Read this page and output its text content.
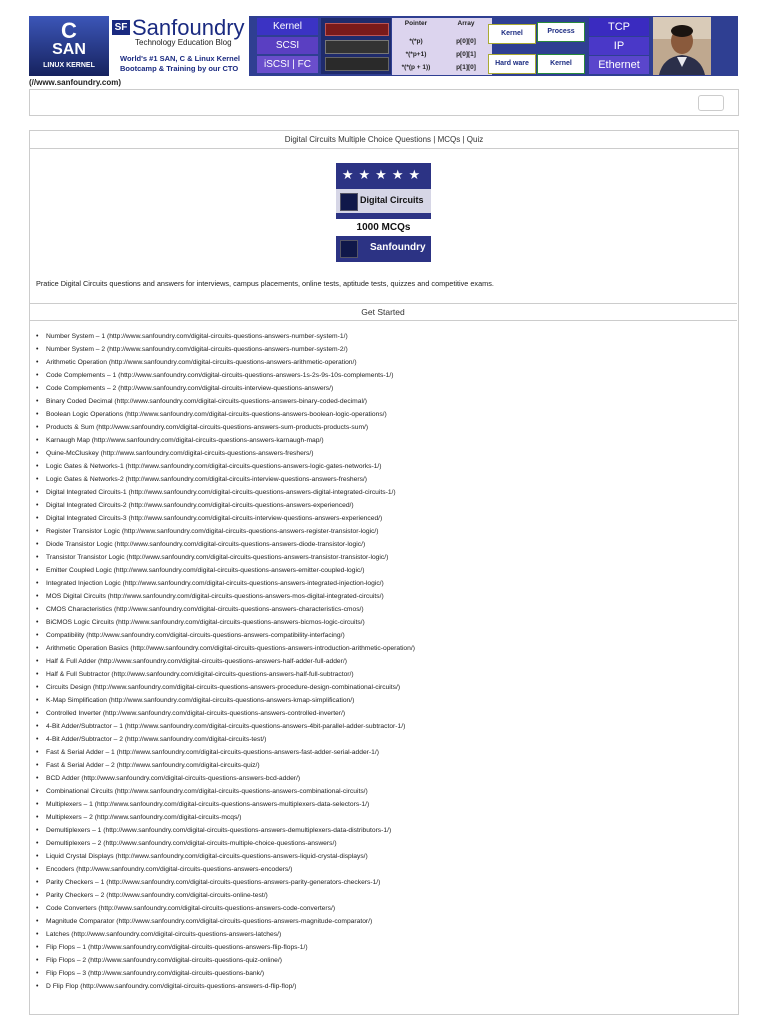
C
SAN
LINUX KERNEL
SF Sanfoundry
Technology Education Blog
World's #1 SAN, C & Linux Kernel
Bootcamp & Training by our CTO
Kernel
SCSI
iSCSI | FC
Pointer	Array
*(*p)	p[0][0]
*(*p+1)	p[0][1]
*(*(p + 1))	p[1][0]
Kernel	Process
Hard ware	Kernel
TCP
IP
Ethernet
(//www.sanfoundry.com)
Digital Circuits Multiple Choice Questions | MCQs | Quiz
★★★★★
Digital Circuits
1000 MCQs
Sanfoundry
Pratice Digital Circuits questions and answers for interviews, campus placements, online tests, aptitude tests, quizzes and competitive exams.
Get Started
• Number System – 1 (http://www.sanfoundry.com/digital-circuits-questions-answers-number-system-1/)
• Number System – 2 (http://www.sanfoundry.com/digital-circuits-questions-answers-number-system-2/)
• Arithmetic Operation (http://www.sanfoundry.com/digital-circuits-questions-answers-arithmetic-operation/)
• Code Complements – 1 (http://www.sanfoundry.com/digital-circuits-questions-answers-1s-2s-9s-10s-complements-1/)
• Code Complements – 2 (http://www.sanfoundry.com/digital-circuits-interview-questions-answers/)
• Binary Coded Decimal (http://www.sanfoundry.com/digital-circuits-questions-answers-binary-coded-decimal/)
• Boolean Logic Operations (http://www.sanfoundry.com/digital-circuits-questions-answers-boolean-logic-operations/)
• Products & Sum (http://www.sanfoundry.com/digital-circuits-questions-answers-sum-products-products-sum/)
• Karnaugh Map (http://www.sanfoundry.com/digital-circuits-questions-answers-karnaugh-map/)
• Quine-McCluskey (http://www.sanfoundry.com/digital-circuits-questions-answers-freshers/)
• Logic Gates & Networks-1 (http://www.sanfoundry.com/digital-circuits-questions-answers-logic-gates-networks-1/)
• Logic Gates & Networks-2 (http://www.sanfoundry.com/digital-circuits-interview-questions-answers-freshers/)
• Digital Integrated Circuits-1 (http://www.sanfoundry.com/digital-circuits-questions-answers-digital-integrated-circuits-1/)
• Digital Integrated Circuits-2 (http://www.sanfoundry.com/digital-circuits-questions-answers-experienced/)
• Digital Integrated Circuits-3 (http://www.sanfoundry.com/digital-circuits-interview-questions-answers-experienced/)
• Register Transistor Logic (http://www.sanfoundry.com/digital-circuits-questions-answers-register-transistor-logic/)
• Diode Transistor Logic (http://www.sanfoundry.com/digital-circuits-questions-answers-diode-transistor-logic/)
• Transistor Transistor Logic (http://www.sanfoundry.com/digital-circuits-questions-answers-transistor-transistor-logic/)
• Emitter Coupled Logic (http://www.sanfoundry.com/digital-circuits-questions-answers-emitter-coupled-logic/)
• Integrated Injection Logic (http://www.sanfoundry.com/digital-circuits-questions-answers-integrated-injection-logic/)
• MOS Digital Circuits (http://www.sanfoundry.com/digital-circuits-questions-answers-mos-digital-integrated-circuits/)
• CMOS Characteristics (http://www.sanfoundry.com/digital-circuits-questions-answers-characteristics-cmos/)
• BiCMOS Logic Circuits (http://www.sanfoundry.com/digital-circuits-questions-answers-bicmos-logic-circuits/)
• Compatibility (http://www.sanfoundry.com/digital-circuits-questions-answers-compatibility-interfacing/)
• Arithmetic Operation Basics (http://www.sanfoundry.com/digital-circuits-questions-answers-introduction-arithmetic-operation/)
• Half & Full Adder (http://www.sanfoundry.com/digital-circuits-questions-answers-half-adder-full-adder/)
• Half & Full Subtractor (http://www.sanfoundry.com/digital-circuits-questions-answers-half-full-subtractor/)
• Circuits Design (http://www.sanfoundry.com/digital-circuits-questions-answers-procedure-design-combinational-circuits/)
• K-Map Simplification (http://www.sanfoundry.com/digital-circuits-questions-answers-kmap-simplification/)
• Controlled Inverter (http://www.sanfoundry.com/digital-circuits-questions-answers-controlled-inverter/)
• 4-Bit Adder/Subtractor – 1 (http://www.sanfoundry.com/digital-circuits-questions-answers-4bit-parallel-adder-subtractor-1/)
• 4-Bit Adder/Subtractor – 2 (http://www.sanfoundry.com/digital-circuits-test/)
• Fast & Serial Adder – 1 (http://www.sanfoundry.com/digital-circuits-questions-answers-fast-adder-serial-adder-1/)
• Fast & Serial Adder – 2 (http://www.sanfoundry.com/digital-circuits-quiz/)
• BCD Adder (http://www.sanfoundry.com/digital-circuits-questions-answers-bcd-adder/)
• Combinational Circuits (http://www.sanfoundry.com/digital-circuits-questions-answers-combinational-circuits/)
• Multiplexers – 1 (http://www.sanfoundry.com/digital-circuits-questions-answers-multiplexers-data-selectors-1/)
• Multiplexers – 2 (http://www.sanfoundry.com/digital-circuits-mcqs/)
• Demultiplexers – 1 (http://www.sanfoundry.com/digital-circuits-questions-answers-demultiplexers-data-distributors-1/)
• Demultiplexers – 2 (http://www.sanfoundry.com/digital-circuits-multiple-choice-questions-answers/)
• Liquid Crystal Displays (http://www.sanfoundry.com/digital-circuits-questions-answers-liquid-crystal-displays/)
• Encoders (http://www.sanfoundry.com/digital-circuits-questions-answers-encoders/)
• Parity Checkers – 1 (http://www.sanfoundry.com/digital-circuits-questions-answers-parity-generators-checkers-1/)
• Parity Checkers – 2 (http://www.sanfoundry.com/digital-circuits-online-test/)
• Code Converters (http://www.sanfoundry.com/digital-circuits-questions-answers-code-converters/)
• Magnitude Comparator (http://www.sanfoundry.com/digital-circuits-questions-answers-magnitude-comparator/)
• Latches (http://www.sanfoundry.com/digital-circuits-questions-answers-latches/)
• Flip Flops – 1 (http://www.sanfoundry.com/digital-circuits-questions-answers-flip-flops-1/)
• Flip Flops – 2 (http://www.sanfoundry.com/digital-circuits-questions-quiz-online/)
• Flip Flops – 3 (http://www.sanfoundry.com/digital-circuits-questions-bank/)
• D Flip Flop (http://www.sanfoundry.com/digital-circuits-questions-answers-d-flip-flop/)
